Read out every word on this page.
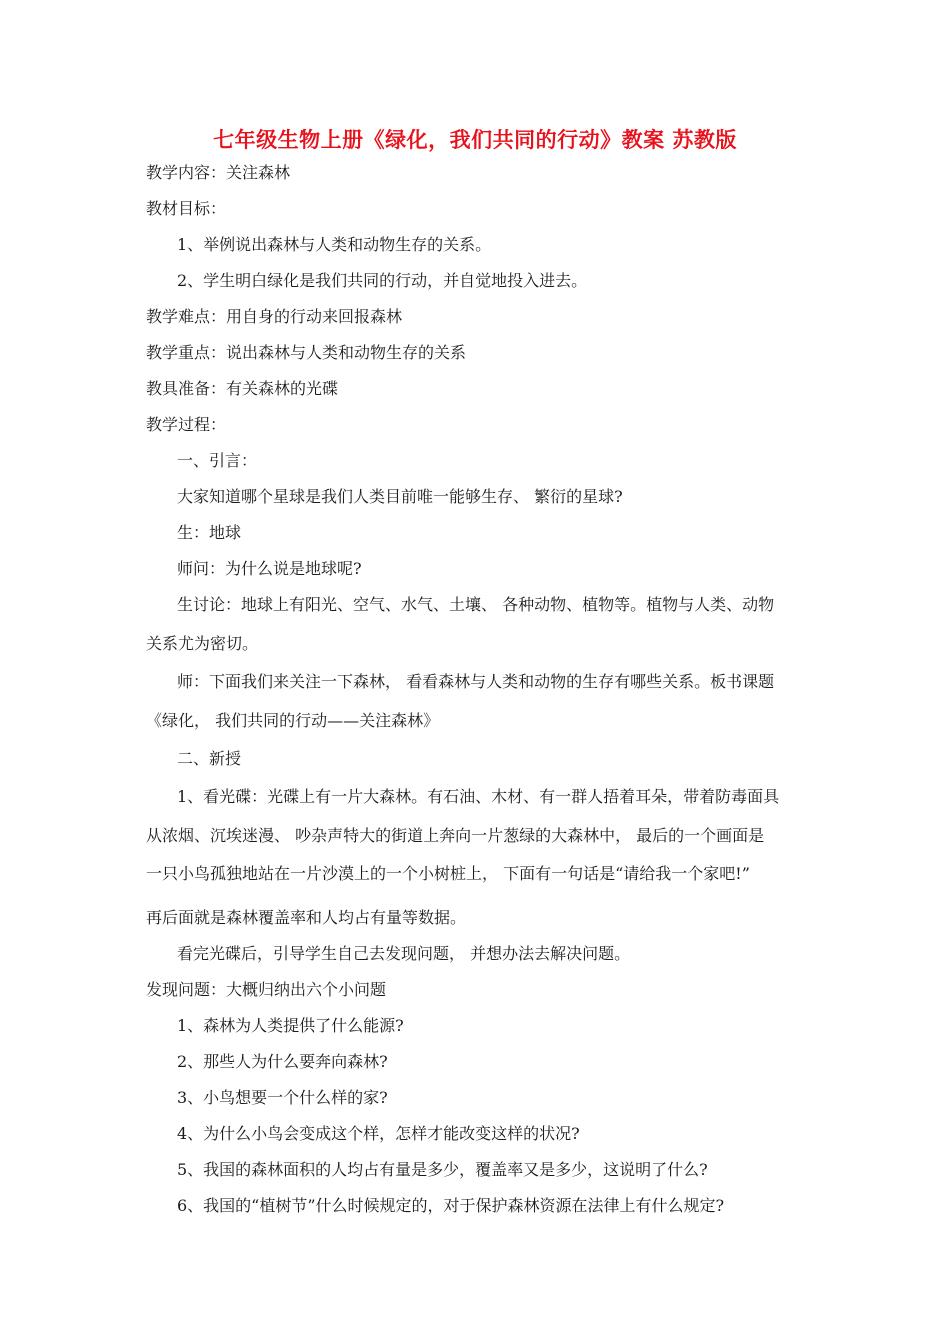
七年级生物上册《绿化，我们共同的行动》教案 苏教版
教学内容：关注森林
教材目标：
1、举例说出森林与人类和动物生存的关系。
2、学生明白绿化是我们共同的行动，并自觉地投入进去。
教学难点：用自身的行动来回报森林
教学重点：说出森林与人类和动物生存的关系
教具准备：有关森林的光碟
教学过程：
一、引言：
大家知道哪个星球是我们人类目前唯一能够生存、 繁衍的星球?
生：地球
师问：为什么说是地球呢?
生讨论：地球上有阳光、空气、水气、土壤、 各种动物、植物等。植物与人类、动物
关系尤为密切。
师：下面我们来关注一下森林， 看看森林与人类和动物的生存有哪些关系。板书课题
《绿化， 我们共同的行动——关注森林》
二、新授
1、看光碟：光碟上有一片大森林。有石油、木材、有一群人捂着耳朵，带着防毒面具
从浓烟、沉埃迷漫、 吵杂声特大的街道上奔向一片葱绿的大森林中， 最后的一个画面是
一只小鸟孤独地站在一片沙漠上的一个小树桩上， 下面有一句话是“请给我一个家吧!”
再后面就是森林覆盖率和人均占有量等数据。
看完光碟后，引导学生自己去发现问题， 并想办法去解决问题。
发现问题：大概归纳出六个小问题
1、森林为人类提供了什么能源?
2、那些人为什么要奔向森林?
3、小鸟想要一个什么样的家?
4、为什么小鸟会变成这个样，怎样才能改变这样的状况?
5、我国的森林面积的人均占有量是多少，覆盖率又是多少，这说明了什么?
6、我国的“植树节”什么时候规定的，对于保护森林资源在法律上有什么规定?
